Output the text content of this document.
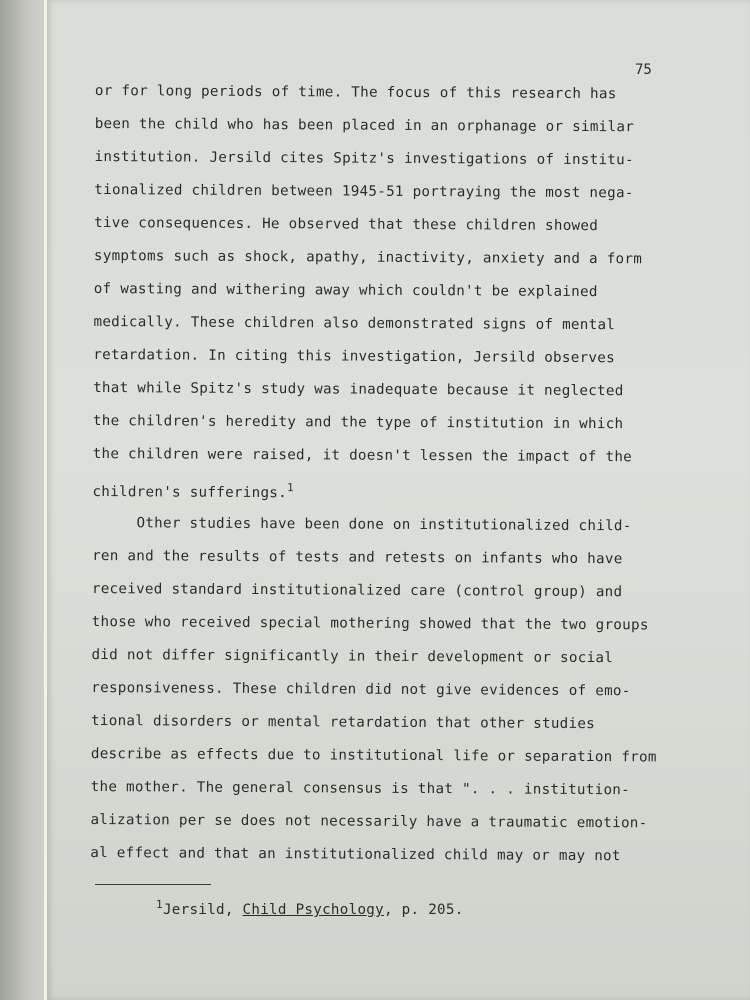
75
or for long periods of time. The focus of this research has
been the child who has been placed in an orphanage or similar
institution. Jersild cites Spitz's investigations of institu-
tionalized children between 1945-51 portraying the most nega-
tive consequences. He observed that these children showed
symptoms such as shock, apathy, inactivity, anxiety and a form
of wasting and withering away which couldn't be explained
medically. These children also demonstrated signs of mental
retardation. In citing this investigation, Jersild observes
that while Spitz's study was inadequate because it neglected
the children's heredity and the type of institution in which
the children were raised, it doesn't lessen the impact of the
children's sufferings.$^1$
Other studies have been done on institutionalized child-
ren and the results of tests and retests on infants who have
received standard institutionalized care (control group) and
those who received special mothering showed that the two groups
did not differ significantly in their development or social
responsiveness. These children did not give evidences of emo-
tional disorders or mental retardation that other studies
describe as effects due to institutional life or separation from
the mother. The general consensus is that ". . . institution-
alization per se does not necessarily have a traumatic emotion-
al effect and that an institutionalized child may or may not
$^1$Jersild, Child Psychology, p. 205.
